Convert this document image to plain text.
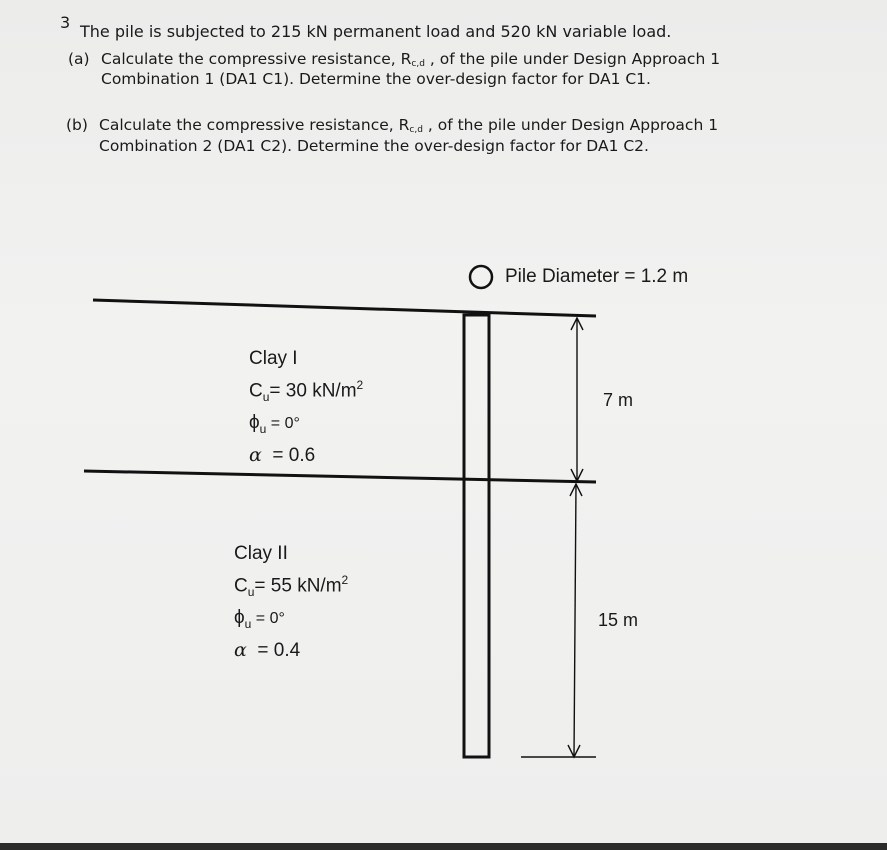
3 The pile is subjected to 215 kN permanent load and 520 kN variable load.
(a) Calculate the compressive resistance, $R_{c,d}$ , of the pile under Design Approach 1
Combination 1 (DA1 C1). Determine the over-design factor for DA1 C1.
(b) Calculate the compressive resistance, $R_{c,d}$ , of the pile under Design Approach 1
Combination 2 (DA1 C2). Determine the over-design factor for DA1 C2.
Pile Diameter = 1.2 m
Clay I
$C_u= 30$ $kN/m^2$
$\phi_u = 0^\circ$
α  = 0.6
Clay II
$C_u= 55$ $kN/m^2$
$\phi_u = 0^\circ$
α  = 0.4
7 m
15 m
